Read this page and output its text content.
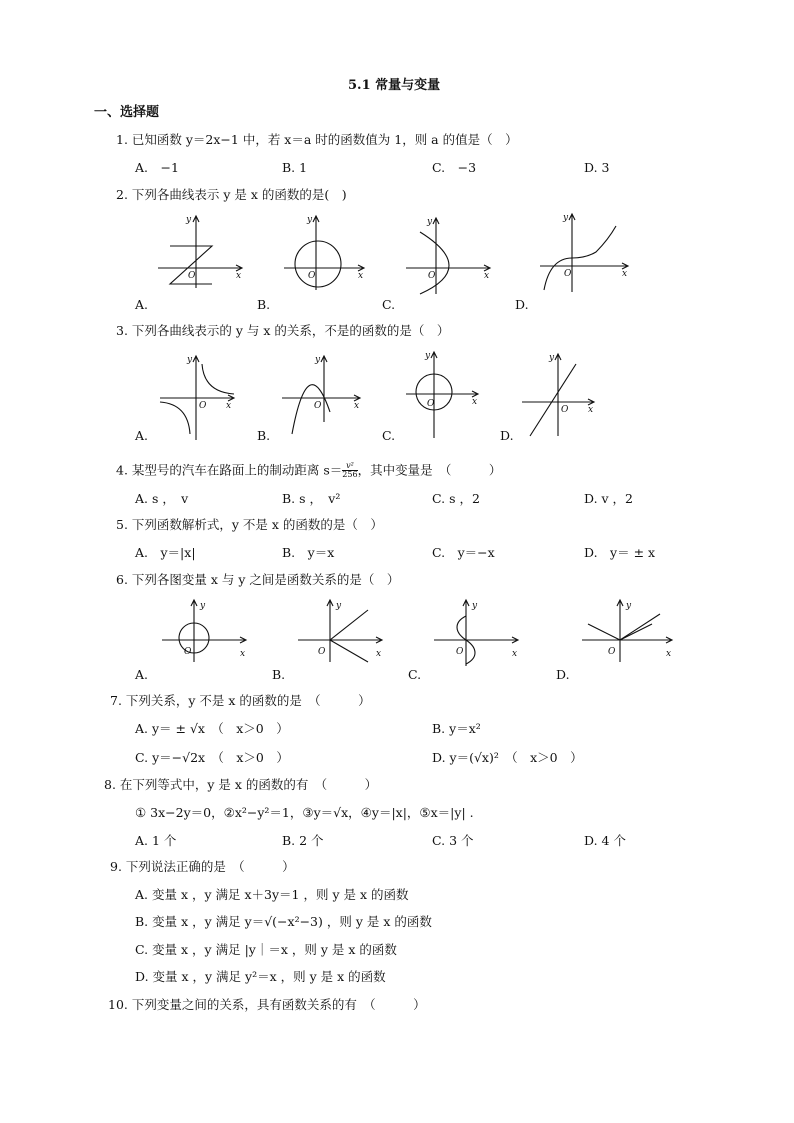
5.1 常量与变量
一、选择题
1. 已知函数 y＝2x−1 中，若 x＝a 时的函数值为 1，则 a 的值是（　）
A.　−1	B. 1	C.　−3	D. 3
2. 下列各曲线表示 y 是 x 的函数的是(　)
x
y
O	x
y
O	x
y
O	x
y
O
A.	B.	C.	D.
3. 下列各曲线表示的 y 与 x 的关系，不是的函数的是（　）
x
y
O	x
y
O	x
y
O
x
y
O
A.	B.	C.	D.
4. 某型号的汽车在路面上的制动距离 $s= \frac{\text{v²}}{256}$ ，其中变量是　（　　　）
A. s ，　v	B. s ，　v²	C. s ，2	D. v ，2
5. 下列函数解析式，y 不是 x 的函数的是（　）
A.　y＝|x|	B.　y＝x	C.　y＝−x	D.　y＝ ± x
6. 下列各图变量 x 与 y 之间是函数关系的是（　）
x
y
O	x
y
O	x
y
O	x
y
O
A.	B.	C.	D.
7. 下列关系，y 不是 x 的函数的是　（　　　）
A. y＝ ± √x　（　x＞0　）	B. y＝x²
C. y＝−√2x　（　x＞0　）	D. y＝(√x)²　（　x＞0　）
8. 在下列等式中，y 是 x 的函数的有　（　　　）
① 3x−2y＝0，②x²−y²＝1，③y＝√x，④y＝|x|，⑤x＝|y| .
A. 1 个	B. 2 个	C. 3 个	D. 4 个
9. 下列说法正确的是　（　　　）
A. 变量 x ，y 满足 x＋3y＝1 ，则 y 是 x 的函数
B. 变量 x ，y 满足 y＝√(−x²−3) ，则 y 是 x 的函数
C. 变量 x ，y 满足 |y｜＝x ，则 y 是 x 的函数
D. 变量 x ，y 满足 y²＝x ，则 y 是 x 的函数
10. 下列变量之间的关系，具有函数关系的有　（　　　）
